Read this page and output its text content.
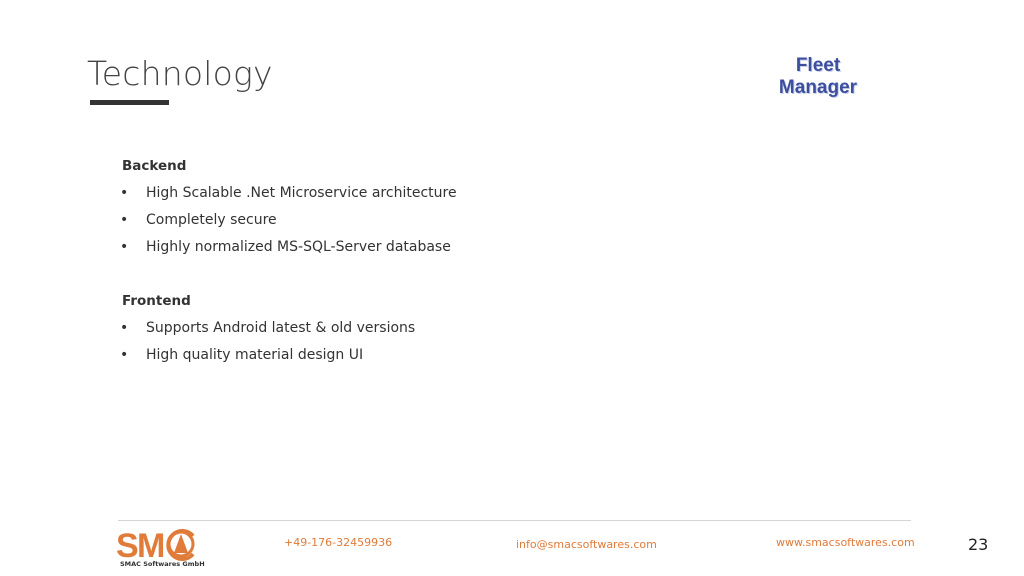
Technology	Fleet
Manager
Backend
• High Scalable .Net Microservice architecture
• Completely secure
• Highly normalized MS-SQL-Server database
Frontend
• Supports Android latest & old versions
• High quality material design UI
S M
SMAC Softwares GmbH
+49-176-32459936	info@smacsoftwares.com	www.smacsoftwares.com	23
